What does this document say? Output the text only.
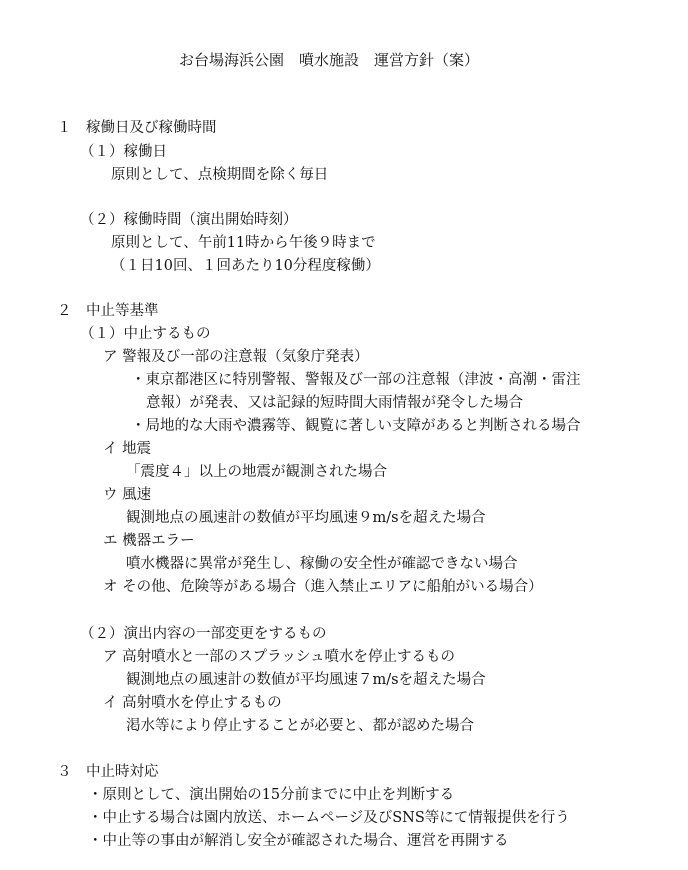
お台場海浜公園　噴水施設　運営方針（案）
１　稼働日及び稼働時間
（１）稼働日
原則として、点検期間を除く毎日
（２）稼働時間（演出開始時刻）
原則として、午前11時から午後９時まで
（１日10回、１回あたり10分程度稼働）
２　中止等基準
（１）中止するもの
ア 警報及び一部の注意報（気象庁発表）
・東京都港区に特別警報、警報及び一部の注意報（津波・高潮・雷注
意報）が発表、又は記録的短時間大雨情報が発令した場合
・局地的な大雨や濃霧等、観覧に著しい支障があると判断される場合
イ 地震
「震度４」以上の地震が観測された場合
ウ 風速
観測地点の風速計の数値が平均風速９m/sを超えた場合
エ 機器エラー
噴水機器に異常が発生し、稼働の安全性が確認できない場合
オ その他、危険等がある場合（進入禁止エリアに船舶がいる場合）
（２）演出内容の一部変更をするもの
ア 高射噴水と一部のスプラッシュ噴水を停止するもの
観測地点の風速計の数値が平均風速７m/sを超えた場合
イ 高射噴水を停止するもの
渇水等により停止することが必要と、都が認めた場合
３　中止時対応
・原則として、演出開始の15分前までに中止を判断する
・中止する場合は園内放送、ホームページ及びSNS等にて情報提供を行う
・中止等の事由が解消し安全が確認された場合、運営を再開する
